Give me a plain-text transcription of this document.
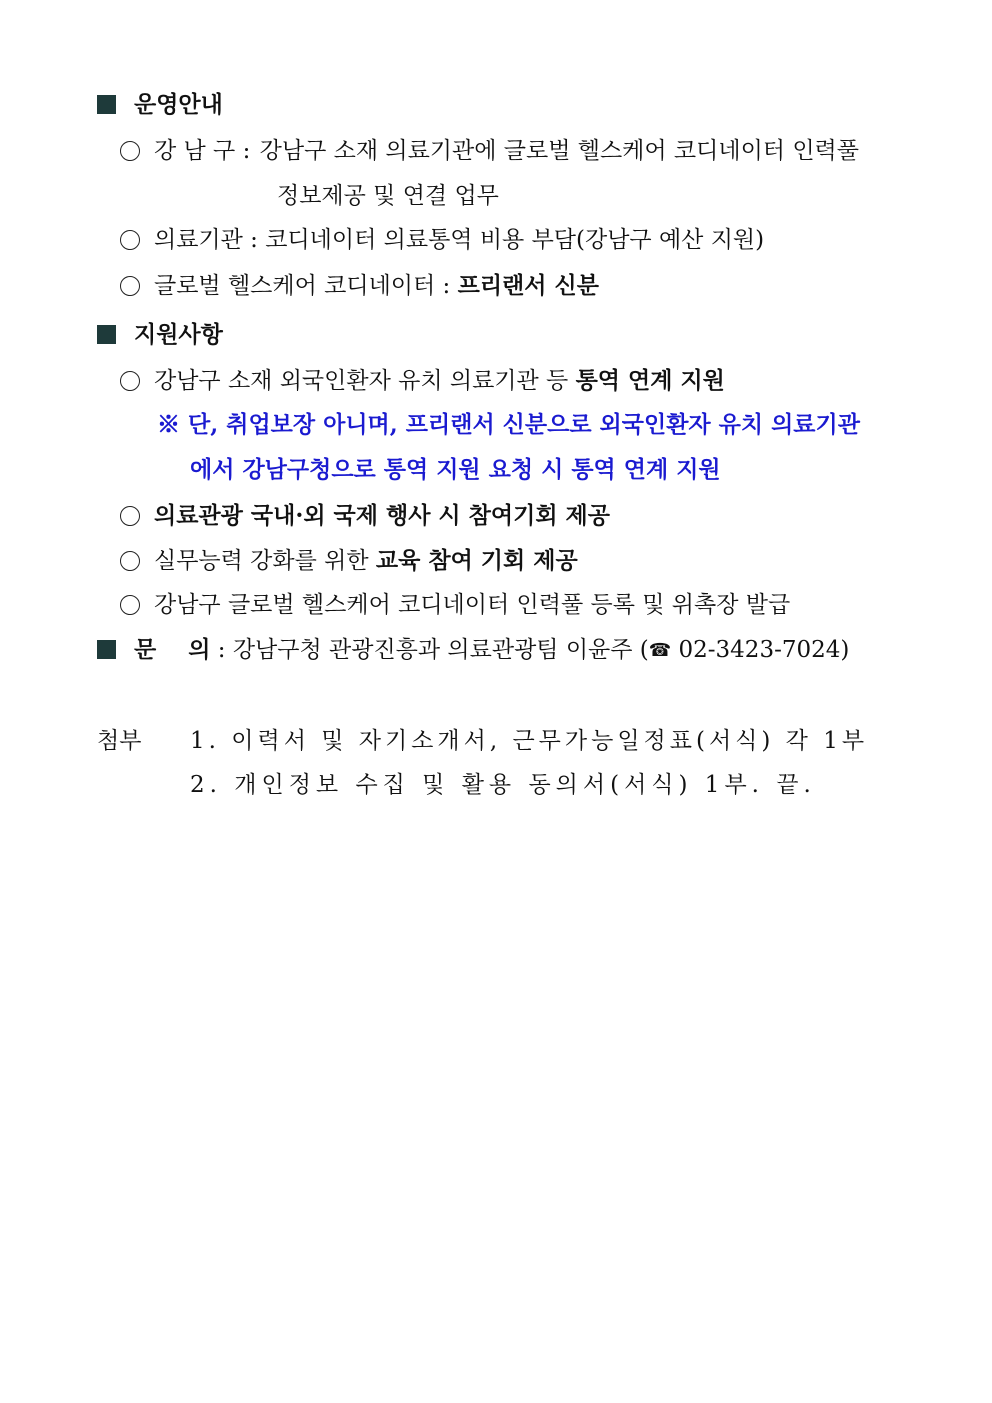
운영안내
강 남 구 : 강남구 소재 의료기관에 글로벌 헬스케어 코디네이터 인력풀
정보제공 및 연결 업무
의료기관 : 코디네이터 의료통역 비용 부담(강남구 예산 지원)
글로벌 헬스케어 코디네이터 : 프리랜서 신분
지원사항
강남구 소재 외국인환자 유치 의료기관 등 통역 연계 지원
※ 단, 취업보장 아니며, 프리랜서 신분으로 외국인환자 유치 의료기관
에서 강남구청으로 통역 지원 요청 시 통역 연계 지원
의료관광 국내·외 국제 행사 시 참여기회 제공
실무능력 강화를 위한 교육 참여 기회 제공
강남구 글로벌 헬스케어 코디네이터 인력풀 등록 및 위촉장 발급
문    의 : 강남구청 관광진흥과 의료관광팀 이윤주 (☎ 02-3423-7024)
첨부 1. 이력서 및 자기소개서, 근무가능일정표(서식) 각 1부
2. 개인정보 수집 및 활용 동의서(서식) 1부. 끝.
